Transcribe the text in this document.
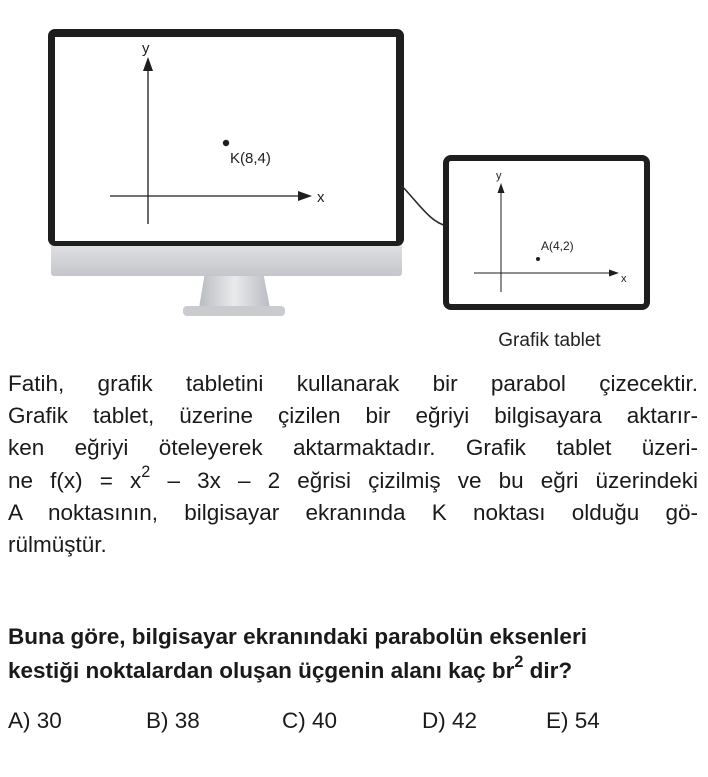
K(8,4)
x
y
A(4,2)
x
y
Grafik tablet
Fatih, grafik tabletini kullanarak bir parabol çizecektir.
Grafik tablet, üzerine çizilen bir eğriyi bilgisayara aktarır-
ken eğriyi öteleyerek aktarmaktadır. Grafik tablet üzeri-
ne $f(x) = x^2 - 3x - 2$ eğrisi çizilmiş ve bu eğri üzerindeki
A noktasının, bilgisayar ekranında K noktası olduğu gö-
rülmüştür.
Buna göre, bilgisayar ekranındaki parabolün eksenleri
kestiği noktalardan oluşan üçgenin alanı kaç $br^2$ dir?
A) 30	B) 38	C) 40	D) 42	E) 54
